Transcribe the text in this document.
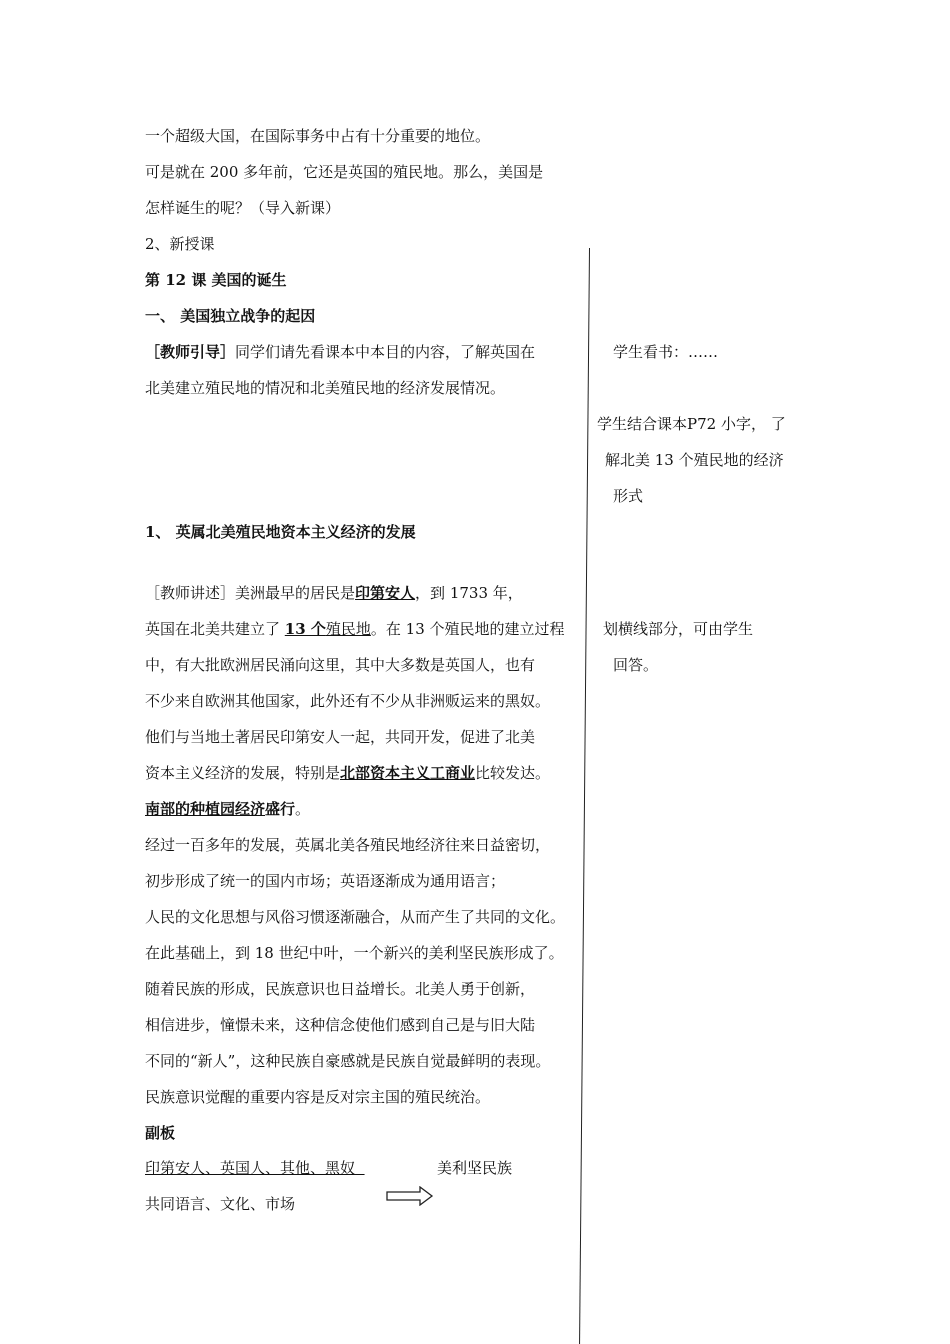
一个超级大国，在国际事务中占有十分重要的地位。
可是就在 200 多年前，它还是英国的殖民地。那么，美国是
怎样诞生的呢？（导入新课）
2、新授课
第 12 课 美国的诞生
一、 美国独立战争的起因
［教师引导］同学们请先看课本中本目的内容，了解英国在
北美建立殖民地的情况和北美殖民地的经济发展情况。
学生看书：……
学生结合课本P72 小字， 了
解北美 13 个殖民地的经济
形式
划横线部分，可由学生
回答。
1、 英属北美殖民地资本主义经济的发展
［教师讲述］美洲最早的居民是印第安人，到 1733 年，
英国在北美共建立了 13 个殖民地。在 13 个殖民地的建立过程
中，有大批欧洲居民涌向这里，其中大多数是英国人，也有
不少来自欧洲其他国家，此外还有不少从非洲贩运来的黑奴。
他们与当地土著居民印第安人一起，共同开发，促进了北美
资本主义经济的发展，特别是北部资本主义工商业比较发达。
南部的种植园经济盛行。
经过一百多年的发展，英属北美各殖民地经济往来日益密切，
初步形成了统一的国内市场；英语逐渐成为通用语言；
人民的文化思想与风俗习惯逐渐融合，从而产生了共同的文化。
在此基础上，到 18 世纪中叶，一个新兴的美利坚民族形成了。
随着民族的形成，民族意识也日益增长。北美人勇于创新，
相信进步，憧憬未来，这种信念使他们感到自己是与旧大陆
不同的“新人”，这种民族自豪感就是民族自觉最鲜明的表现。
民族意识觉醒的重要内容是反对宗主国的殖民统治。
副板
印第安人、英国人、其他、黑奴	美利坚民族
共同语言、文化、市场
